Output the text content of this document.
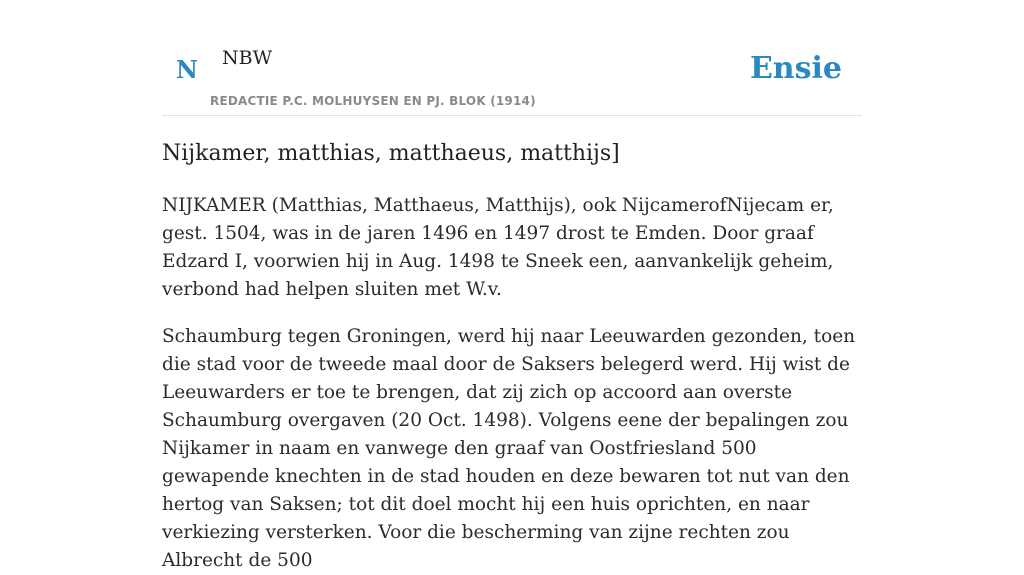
N NBW
REDACTIE P.C. MOLHUYSEN EN PJ. BLOK (1914)
Ensie
Nijkamer, matthias, matthaeus, matthijs]

NIJKAMER (Matthias, Matthaeus, Matthijs), ook NijcamerofNijecam er, gest. 1504, was in de jaren 1496 en 1497 drost te Emden. Door graaf Edzard I, voorwien hij in Aug. 1498 te Sneek een, aanvankelijk geheim, verbond had helpen sluiten met W.v.

Schaumburg tegen Groningen, werd hij naar Leeuwarden gezonden, toen die stad voor de tweede maal door de Saksers belegerd werd. Hij wist de Leeuwarders er toe te brengen, dat zij zich op accoord aan overste Schaumburg overgaven (20 Oct. 1498). Volgens eene der bepalingen zou Nijkamer in naam en vanwege den graaf van Oostfriesland 500 gewapende knechten in de stad houden en deze bewaren tot nut van den hertog van Saksen; tot dit doel mocht hij een huis oprichten, en naar verkiezing versterken. Voor die bescherming van zijne rechten zou Albrecht de 500
